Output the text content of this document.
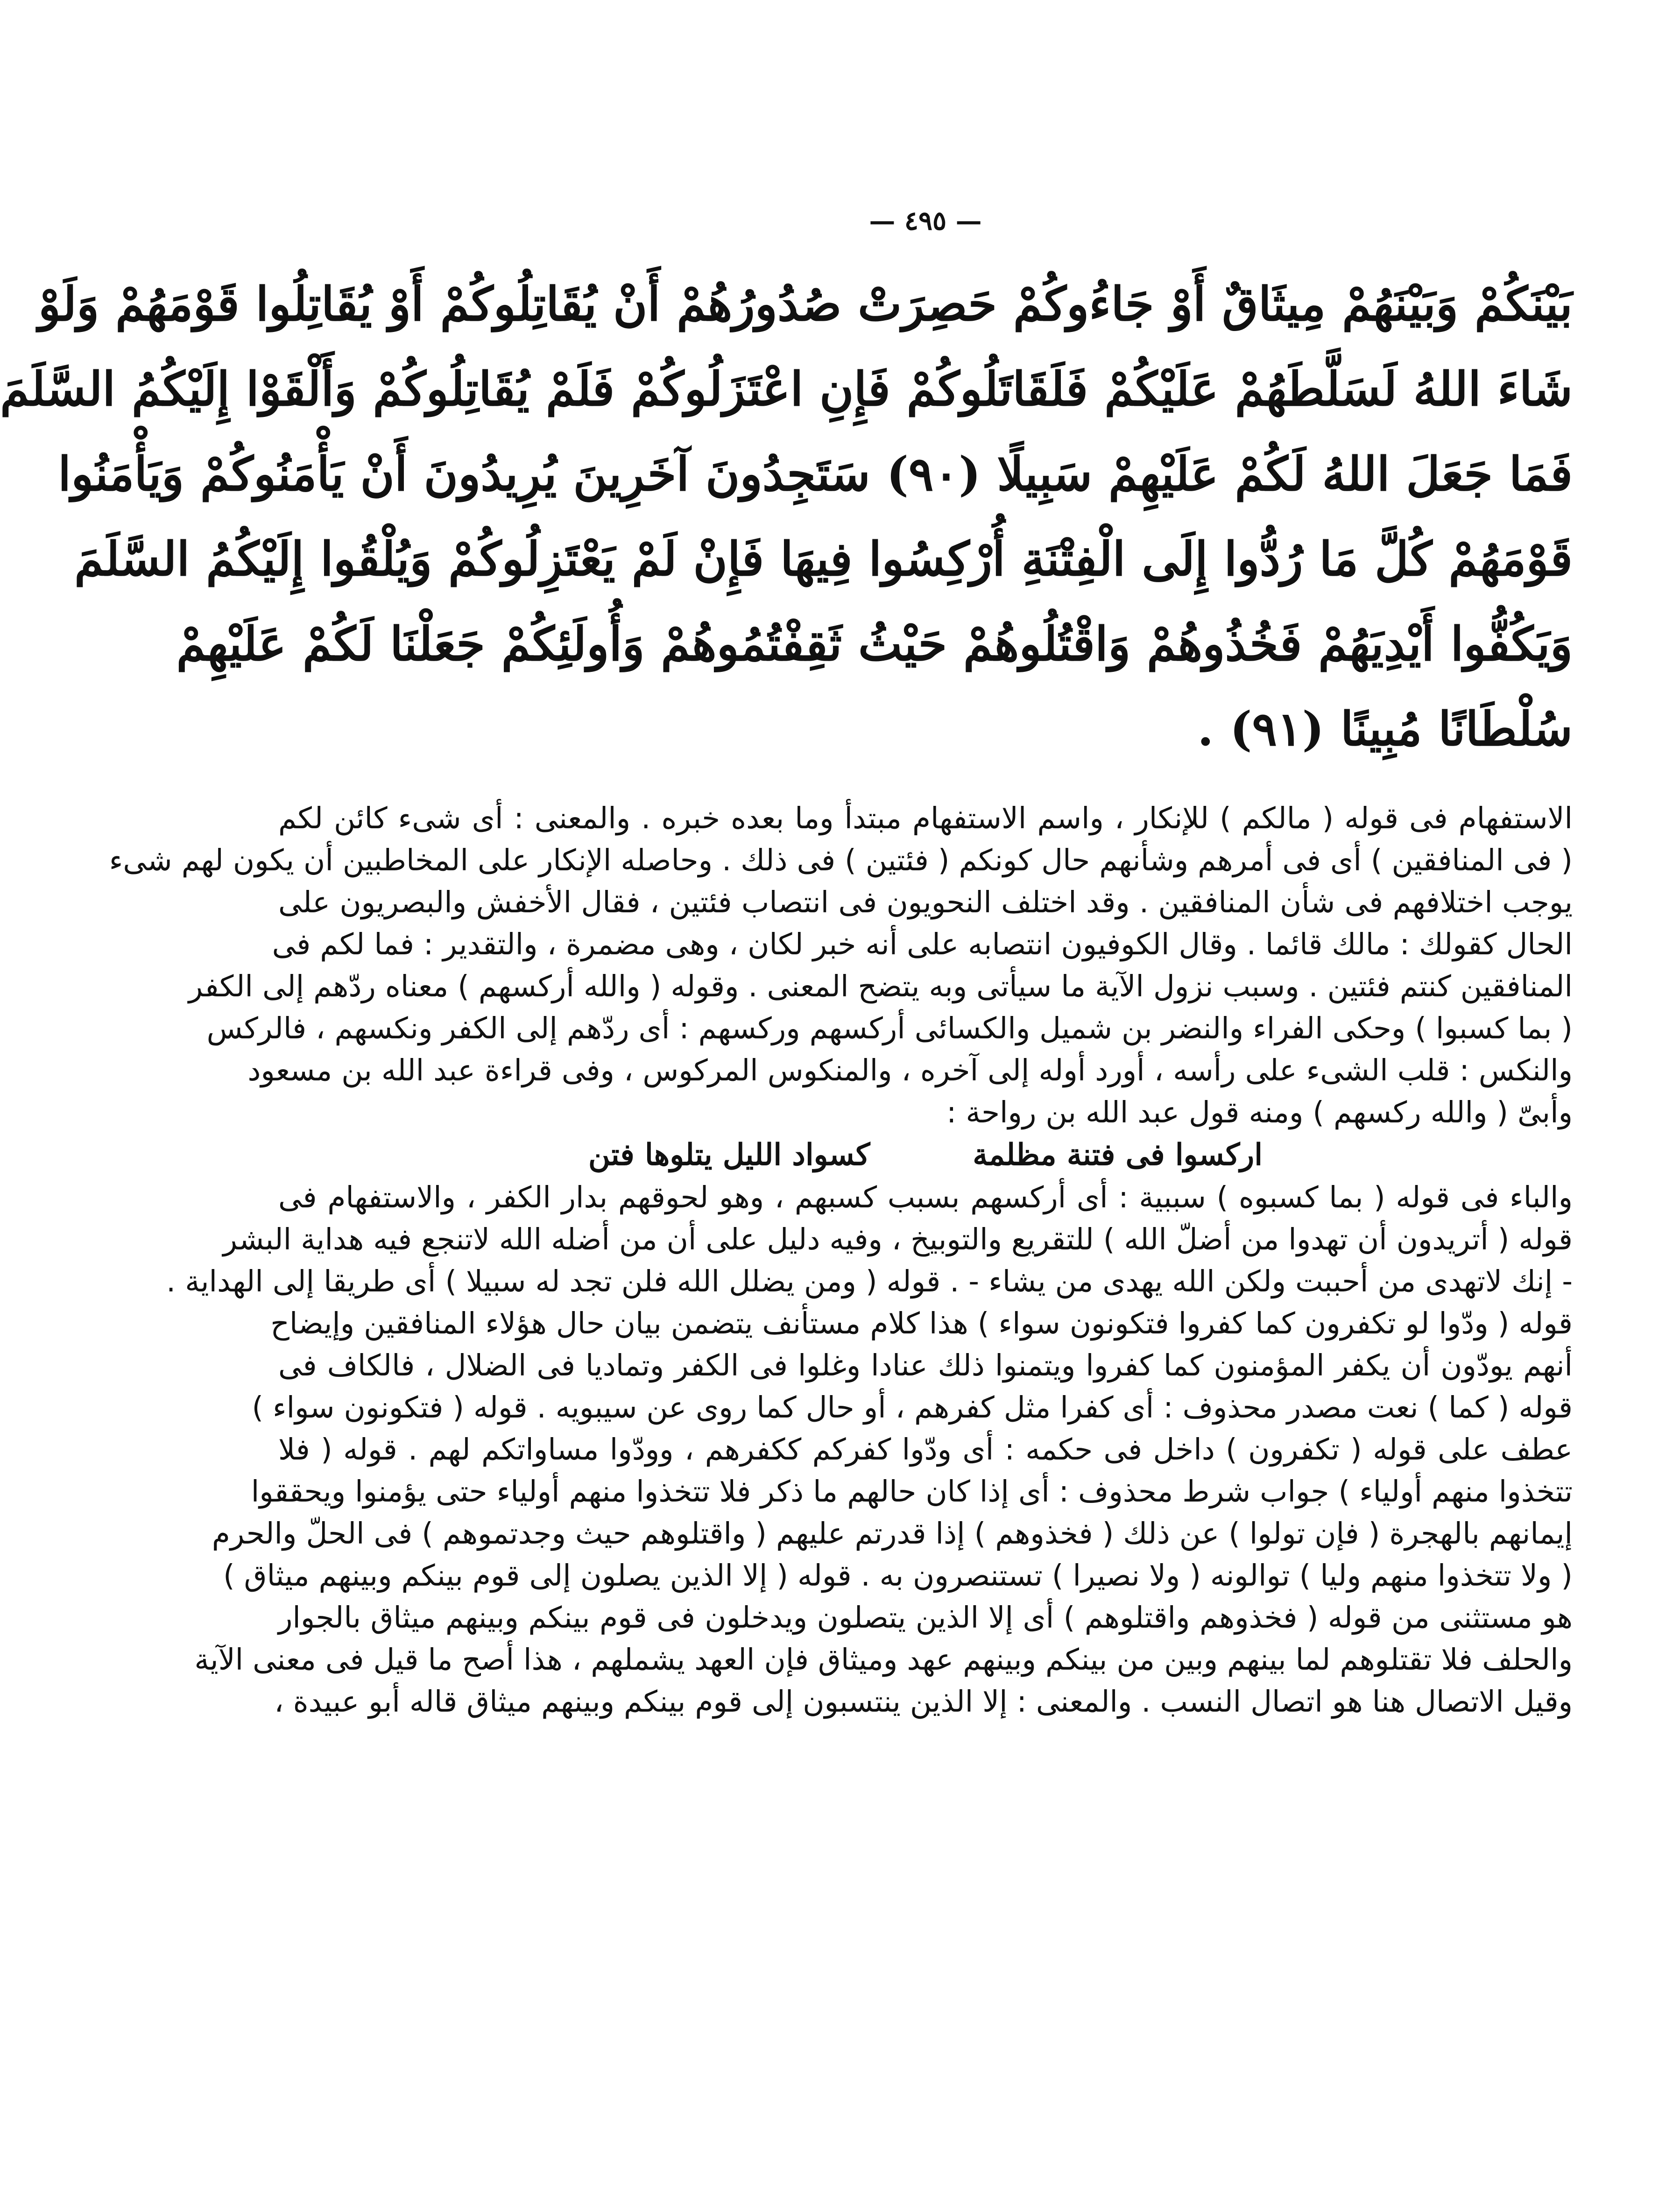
— ٤٩٥ —
بَيْنَكُمْ وَبَيْنَهُمْ مِيثَاقٌ أَوْ جَاءُوكُمْ حَصِرَتْ صُدُورُهُمْ أَنْ يُقَاتِلُوكُمْ أَوْ يُقَاتِلُوا قَوْمَهُمْ وَلَوْ
شَاءَ اللهُ لَسَلَّطَهُمْ عَلَيْكُمْ فَلَقَاتَلُوكُمْ فَإِنِ اعْتَزَلُوكُمْ فَلَمْ يُقَاتِلُوكُمْ وَأَلْقَوْا إِلَيْكُمُ السَّلَمَ
فَمَا جَعَلَ اللهُ لَكُمْ عَلَيْهِمْ سَبِيلًا (٩٠) سَتَجِدُونَ آخَرِينَ يُرِيدُونَ أَنْ يَأْمَنُوكُمْ وَيَأْمَنُوا
قَوْمَهُمْ كُلَّ مَا رُدُّوا إِلَى الْفِتْنَةِ أُرْكِسُوا فِيهَا فَإِنْ لَمْ يَعْتَزِلُوكُمْ وَيُلْقُوا إِلَيْكُمُ السَّلَمَ
وَيَكُفُّوا أَيْدِيَهُمْ فَخُذُوهُمْ وَاقْتُلُوهُمْ حَيْثُ ثَقِفْتُمُوهُمْ وَأُولَئِكُمْ جَعَلْنَا لَكُمْ عَلَيْهِمْ
سُلْطَانًا مُبِينًا (٩١) .
الاستفهام فى قوله ( مالكم ) للإنكار ، واسم الاستفهام مبتدأ وما بعده خبره . والمعنى : أى شىء كائن لكم
( فى المنافقين ) أى فى أمرهم وشأنهم حال كونكم ( فئتين ) فى ذلك . وحاصله الإنكار على المخاطبين أن يكون لهم شىء
يوجب اختلافهم فى شأن المنافقين . وقد اختلف النحويون فى انتصاب فئتين ، فقال الأخفش والبصريون على
الحال كقولك : مالك قائما . وقال الكوفيون انتصابه على أنه خبر لكان ، وهى مضمرة ، والتقدير : فما لكم فى
المنافقين كنتم فئتين . وسبب نزول الآية ما سيأتى وبه يتضح المعنى . وقوله ( والله أركسهم ) معناه ردّهم إلى الكفر
( بما كسبوا ) وحكى الفراء والنضر بن شميل والكسائى أركسهم وركسهم : أى ردّهم إلى الكفر ونكسهم ، فالركس
والنكس : قلب الشىء على رأسه ، أورد أوله إلى آخره ، والمنكوس المركوس ، وفى قراءة عبد الله بن مسعود
وأبىّ ( والله ركسهم ) ومنه قول عبد الله بن رواحة :
اركسوا فى فتنة مظلمة
كسواد الليل يتلوها فتن
والباء فى قوله ( بما كسبوه ) سببية : أى أركسهم بسبب كسبهم ، وهو لحوقهم بدار الكفر ، والاستفهام فى
قوله ( أتريدون أن تهدوا من أضلّ الله ) للتقريع والتوبيخ ، وفيه دليل على أن من أضله الله لاتنجع فيه هداية البشر
- إنك لاتهدى من أحببت ولكن الله يهدى من يشاء - . قوله ( ومن يضلل الله فلن تجد له سبيلا ) أى طريقا إلى الهداية .
قوله ( ودّوا لو تكفرون كما كفروا فتكونون سواء ) هذا كلام مستأنف يتضمن بيان حال هؤلاء المنافقين وإيضاح
أنهم يودّون أن يكفر المؤمنون كما كفروا ويتمنوا ذلك عنادا وغلوا فى الكفر وتماديا فى الضلال ، فالكاف فى
قوله ( كما ) نعت مصدر محذوف : أى كفرا مثل كفرهم ، أو حال كما روى عن سيبويه . قوله ( فتكونون سواء )
عطف على قوله ( تكفرون ) داخل فى حكمه : أى ودّوا كفركم ككفرهم ، وودّوا مساواتكم لهم . قوله ( فلا
تتخذوا منهم أولياء ) جواب شرط محذوف : أى إذا كان حالهم ما ذكر فلا تتخذوا منهم أولياء حتى يؤمنوا ويحققوا
إيمانهم بالهجرة ( فإن تولوا ) عن ذلك ( فخذوهم ) إذا قدرتم عليهم ( واقتلوهم حيث وجدتموهم ) فى الحلّ والحرم
( ولا تتخذوا منهم وليا ) توالونه ( ولا نصيرا ) تستنصرون به . قوله ( إلا الذين يصلون إلى قوم بينكم وبينهم ميثاق )
هو مستثنى من قوله ( فخذوهم واقتلوهم ) أى إلا الذين يتصلون ويدخلون فى قوم بينكم وبينهم ميثاق بالجوار
والحلف فلا تقتلوهم لما بينهم وبين من بينكم وبينهم عهد وميثاق فإن العهد يشملهم ، هذا أصح ما قيل فى معنى الآية
وقيل الاتصال هنا هو اتصال النسب . والمعنى : إلا الذين ينتسبون إلى قوم بينكم وبينهم ميثاق قاله أبو عبيدة ،
